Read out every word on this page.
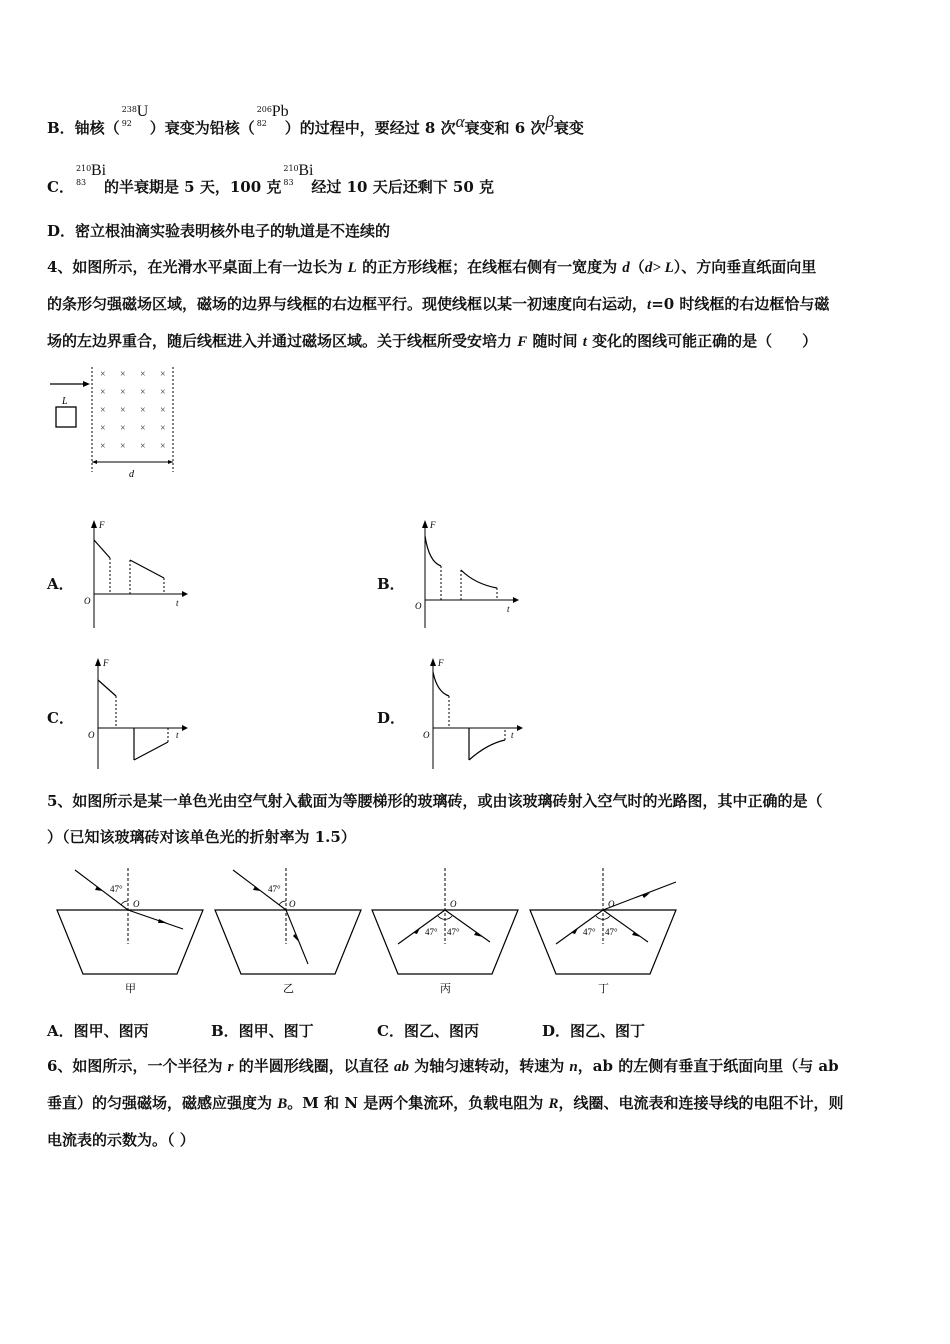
B．铀核（
238
92
U
）衰变为铅核（
206
82
Pb
）的过程中，要经过 8 次α衰变和 6 次β衰变
C．
210
83
Bi
的半衰期是 5 天，100 克
210
83
Bi
经过 10 天后还剩下 50 克
D．密立根油滴实验表明核外电子的轨道是不连续的
4、如图所示，在光滑水平桌面上有一边长为 L 的正方形线框；在线框右侧有一宽度为 d（d> L）、方向垂直纸面向里
的条形匀强磁场区域，磁场的边界与线框的右边框平行。现使线框以某一初速度向右运动，t=0 时线框的右边框恰与磁
场的左边界重合，随后线框进入并通过磁场区域。关于线框所受安培力 F 随时间 t 变化的图线可能正确的是（　　）
L
× × × ×
× × × ×
× × × ×
× × × ×
× × × ×
d
A．
F
O	t
B．
F
O	t
C．
F
O	t
D．
F
O	t
5、如图所示是某一单色光由空气射入截面为等腰梯形的玻璃砖，或由该玻璃砖射入空气时的光路图，其中正确的是（
）（已知该玻璃砖对该单色光的折射率为 1.5）
47°
O
甲
47°
O
乙
O
47° 47°
丙
O
47° 47°
丁
A．图甲、图丙	B．图甲、图丁	C．图乙、图丙	D．图乙、图丁
6、如图所示，一个半径为 r 的半圆形线圈，以直径 ab 为轴匀速转动，转速为 n，ab 的左侧有垂直于纸面向里（与 ab
垂直）的匀强磁场，磁感应强度为 B。M 和 N 是两个集流环，负载电阻为 R，线圈、电流表和连接导线的电阻不计，则
电流表的示数为。（ ）
